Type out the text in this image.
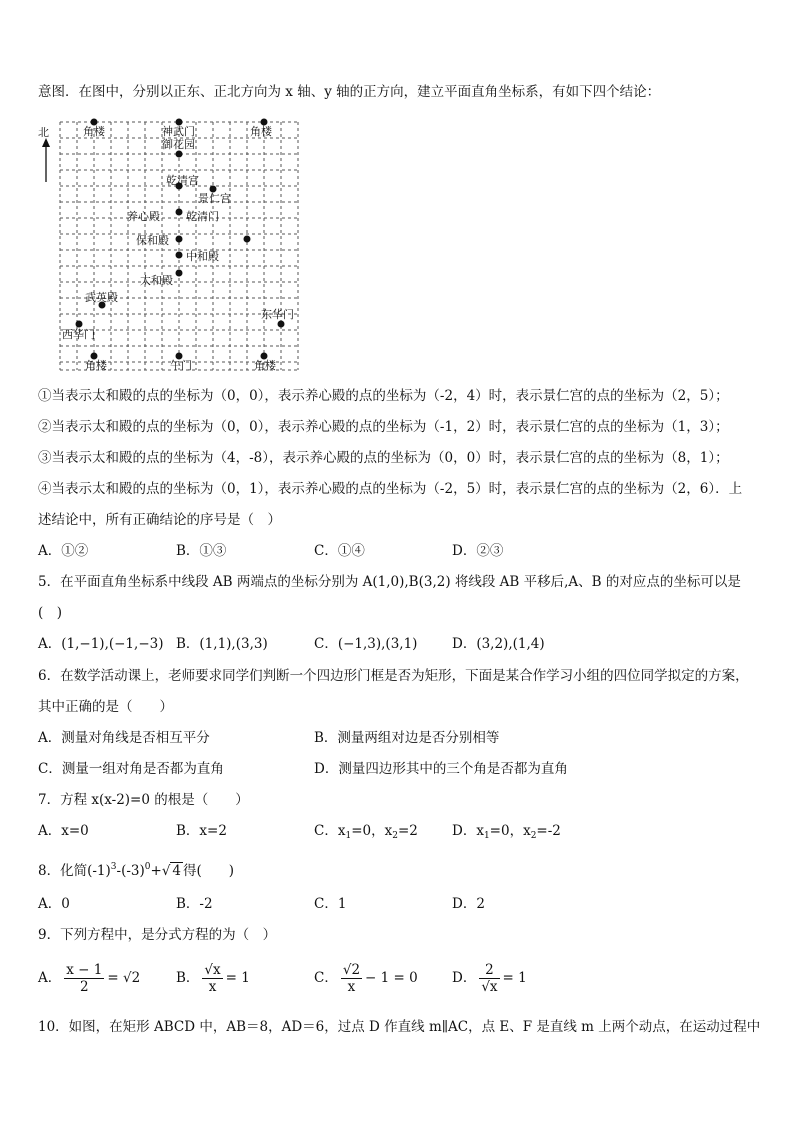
意图．在图中，分别以正东、正北方向为 x 轴、y 轴的正方向，建立平面直角坐标系，有如下四个结论：
北	角楼	神武门	角楼
御花园
乾清宫
景仁宫
养心殿 乾清门
保和殿
中和殿
太和殿
武英殿
东华门
西华门
角楼	午门	角楼
①当表示太和殿的点的坐标为（0，0），表示养心殿的点的坐标为（-2，4）时，表示景仁宫的点的坐标为（2，5）；
②当表示太和殿的点的坐标为（0，0），表示养心殿的点的坐标为（-1，2）时，表示景仁宫的点的坐标为（1，3）；
③当表示太和殿的点的坐标为（4，-8），表示养心殿的点的坐标为（0，0）时，表示景仁宫的点的坐标为（8，1）；
④当表示太和殿的点的坐标为（0，1），表示养心殿的点的坐标为（-2，5）时，表示景仁宫的点的坐标为（2，6）．上
述结论中，所有正确结论的序号是（　）
A．①②	B．①③	C．①④	D．②③
5．在平面直角坐标系中线段 AB 两端点的坐标分别为 A(1,0),B(3,2) 将线段 AB 平移后,A、B 的对应点的坐标可以是
(　)
A．(1,−1),(−1,−3) B．(1,1),(3,3)	C．(−1,3),(3,1)	D．(3,2),(1,4)
6．在数学活动课上，老师要求同学们判断一个四边形门框是否为矩形，下面是某合作学习小组的四位同学拟定的方案，
其中正确的是（　　）
A．测量对角线是否相互平分	B．测量两组对边是否分别相等
C．测量一组对角是否都为直角	D．测量四边形其中的三个角是否都为直角
7．方程 x(x-2)=0 的根是（　　）
A．x=0	B．x=2	C．$x_1=0$，$x_2=2$	D．$x_1=0$，$x_2=-2$
8．化简$(-1)^3-(-3)^0+√$ 4 得(　　)
A．0	B．-2	C．1	D．2
9．下列方程中，是分式方程的为（　）
A． $\frac{x - 1}{2} = √2$	B． $\frac{√x}{x} = 1$	C． $\frac{√2}{x} - 1 = 0$	D． $\frac{2}{√x} = 1$
10．如图，在矩形 ABCD 中，AB＝8，AD＝6，过点 D 作直线 m∥AC，点 E、F 是直线 m 上两个动点，在运动过程中
